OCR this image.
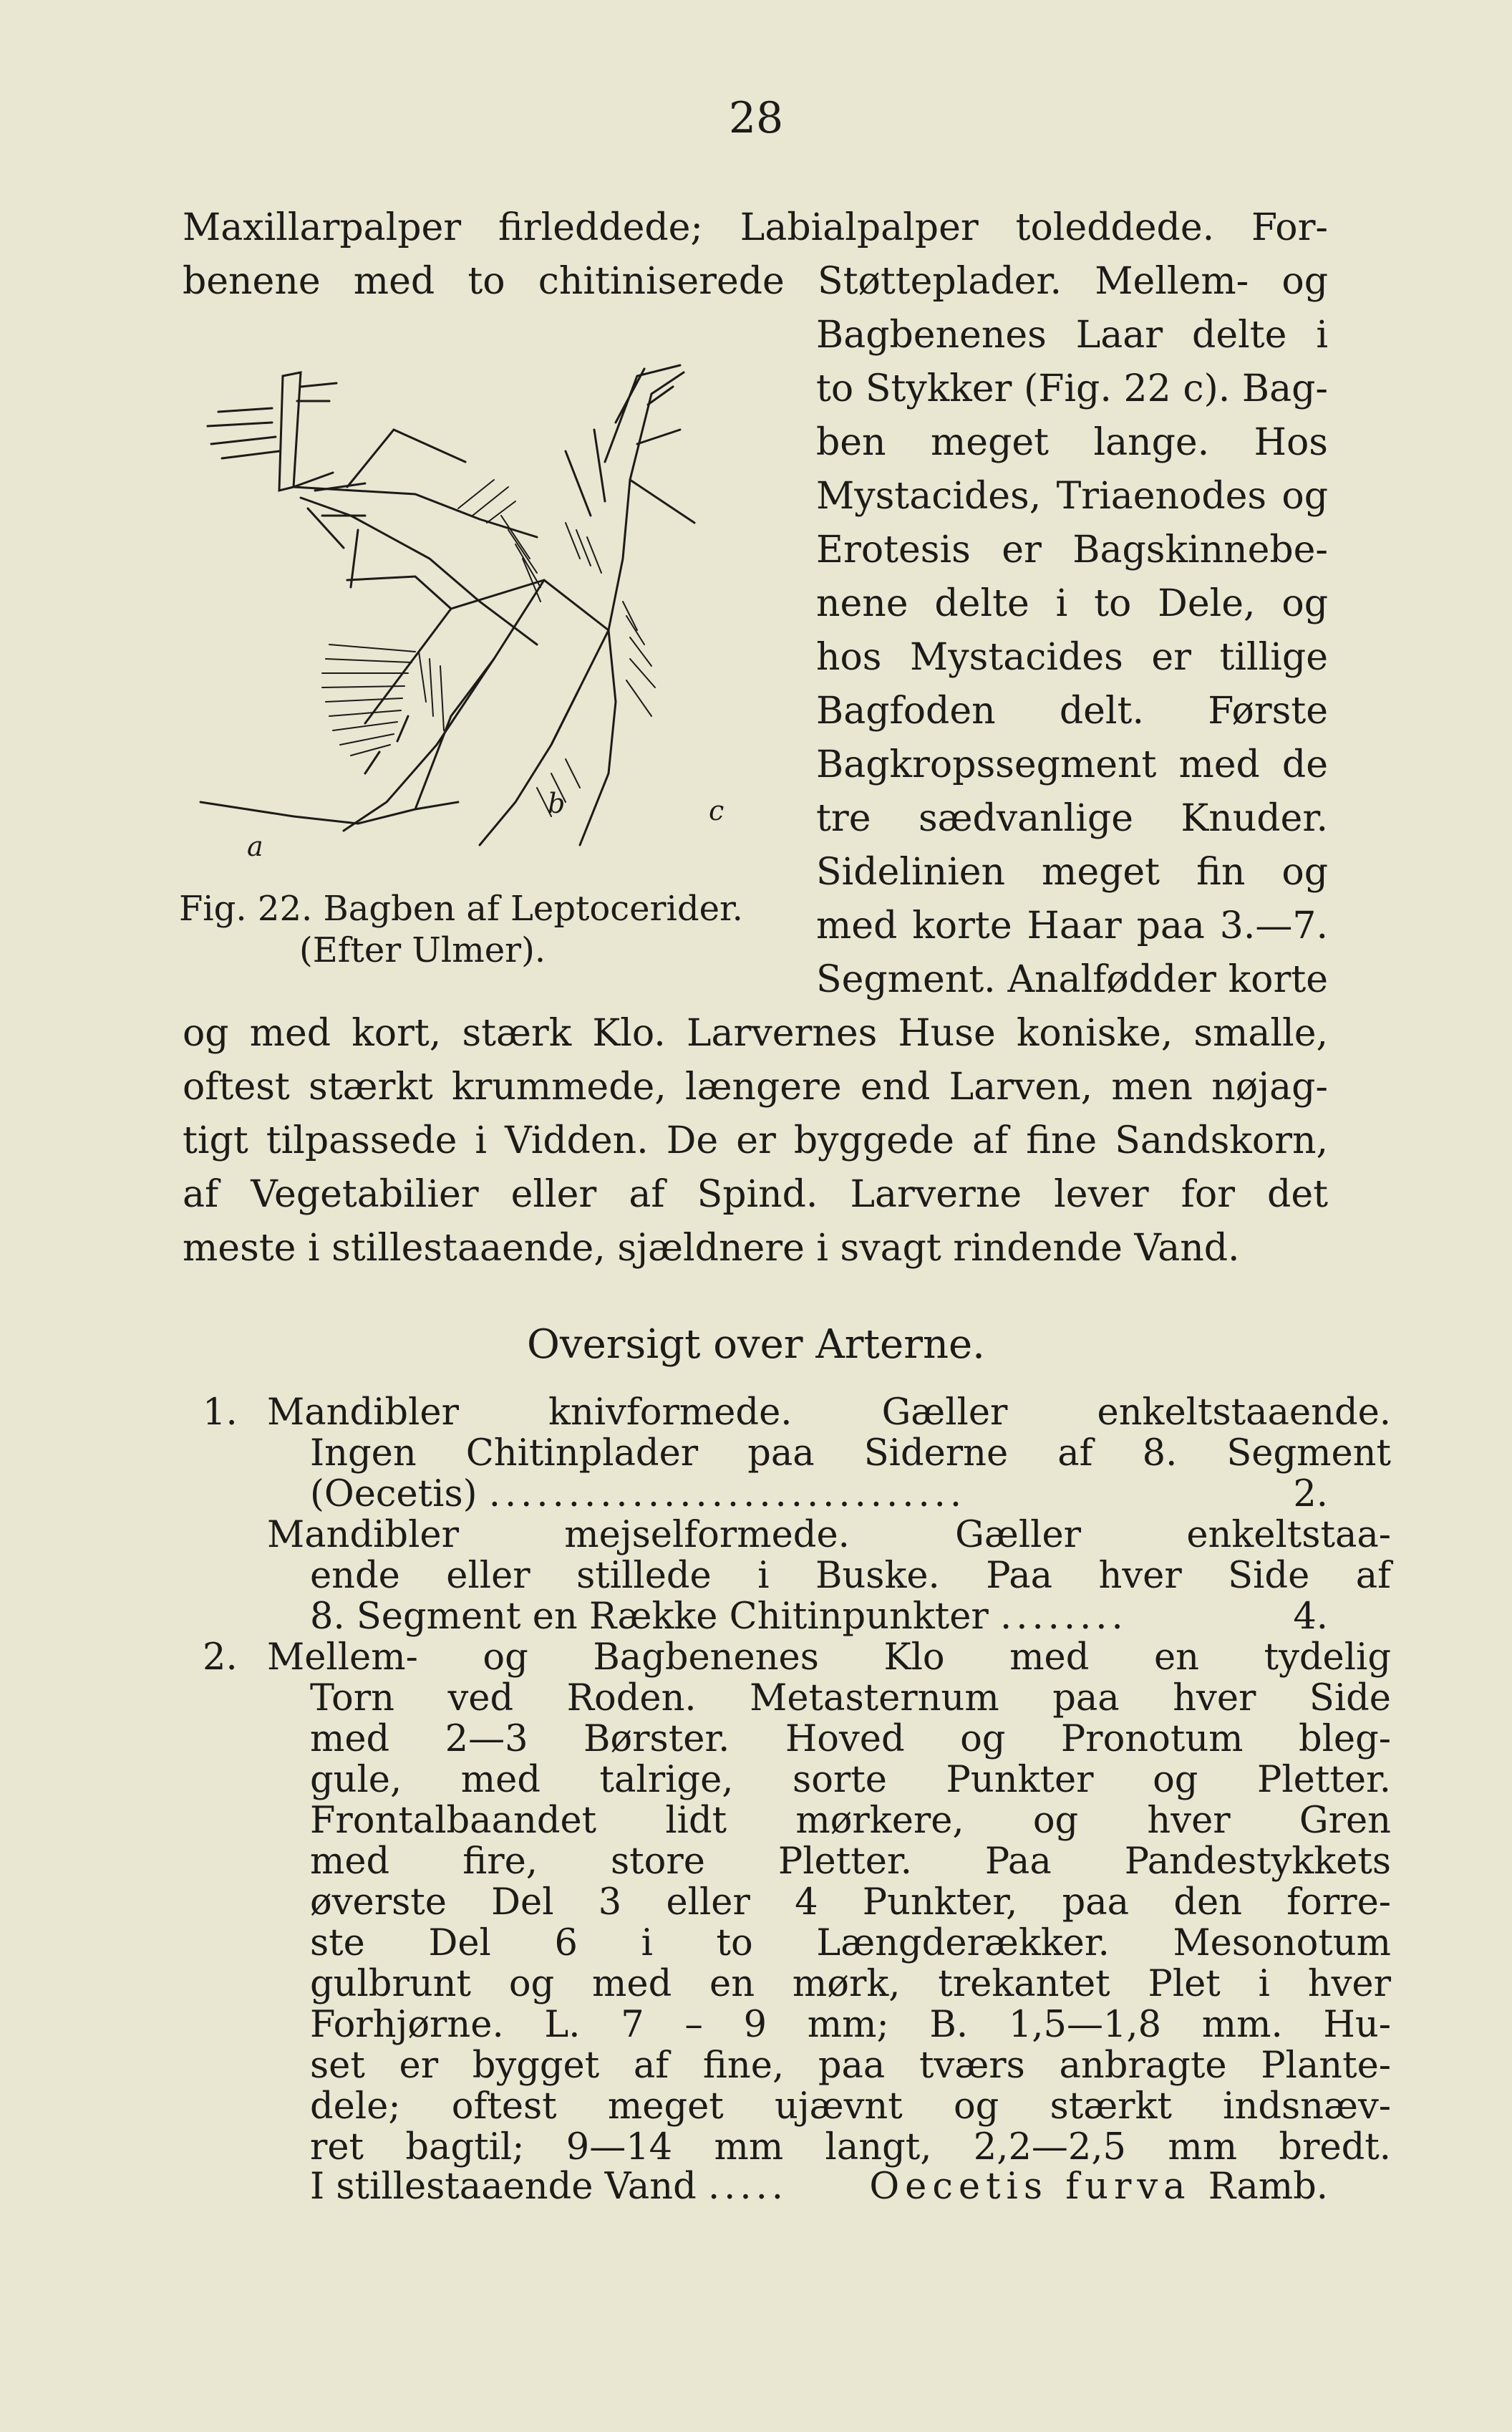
28
Maxillarpalper firleddede; Labialpalper toleddede. For-
benene med to chitiniserede Støtteplader. Mellem- og
Bagbenenes Laar delte i
to Stykker (Fig. 22 c). Bag-
ben meget lange. Hos
Mystacides, Triaenodes og
Erotesis er Bagskinnebe-
nene delte i to Dele, og
hos Mystacides er tillige
Bagfoden delt. Første
Bagkropssegment med de
tre sædvanlige Knuder.
Sidelinien meget fin og
med korte Haar paa 3.—7.
Segment. Analfødder korte
a
b	c
Fig. 22. Bagben af Leptocerider.
(Efter Ulmer).
og med kort, stærk Klo. Larvernes Huse koniske, smalle,
oftest stærkt krummede, længere end Larven, men nøjag-
tigt tilpassede i Vidden. De er byggede af fine Sandskorn,
af Vegetabilier eller af Spind. Larverne lever for det
meste i stillestaaende, sjældnere i svagt rindende Vand.
Oversigt over Arterne.
1. Mandibler knivformede. Gæller enkeltstaaende.
Ingen Chitinplader paa Siderne af 8. Segment
(Oecetis) ..............................	2.
Mandibler mejselformede. Gæller enkeltstaa-
ende eller stillede i Buske. Paa hver Side af
8. Segment en Række Chitinpunkter ........	4.
2. Mellem- og Bagbenenes Klo med en tydelig
Torn ved Roden. Metasternum paa hver Side
med 2—3 Børster. Hoved og Pronotum bleg-
gule, med talrige, sorte Punkter og Pletter.
Frontalbaandet lidt mørkere, og hver Gren
med fire, store Pletter. Paa Pandestykkets
øverste Del 3 eller 4 Punkter, paa den forre-
ste Del 6 i to Længderækker. Mesonotum
gulbrunt og med en mørk, trekantet Plet i hver
Forhjørne. L. 7 – 9 mm; B. 1,5—1,8 mm. Hu-
set er bygget af fine, paa tværs anbragte Plante-
dele; oftest meget ujævnt og stærkt indsnæv-
ret bagtil; 9—14 mm langt, 2,2—2,5 mm bredt.
I stillestaaende Vand ..... Oecetis furva Ramb.
